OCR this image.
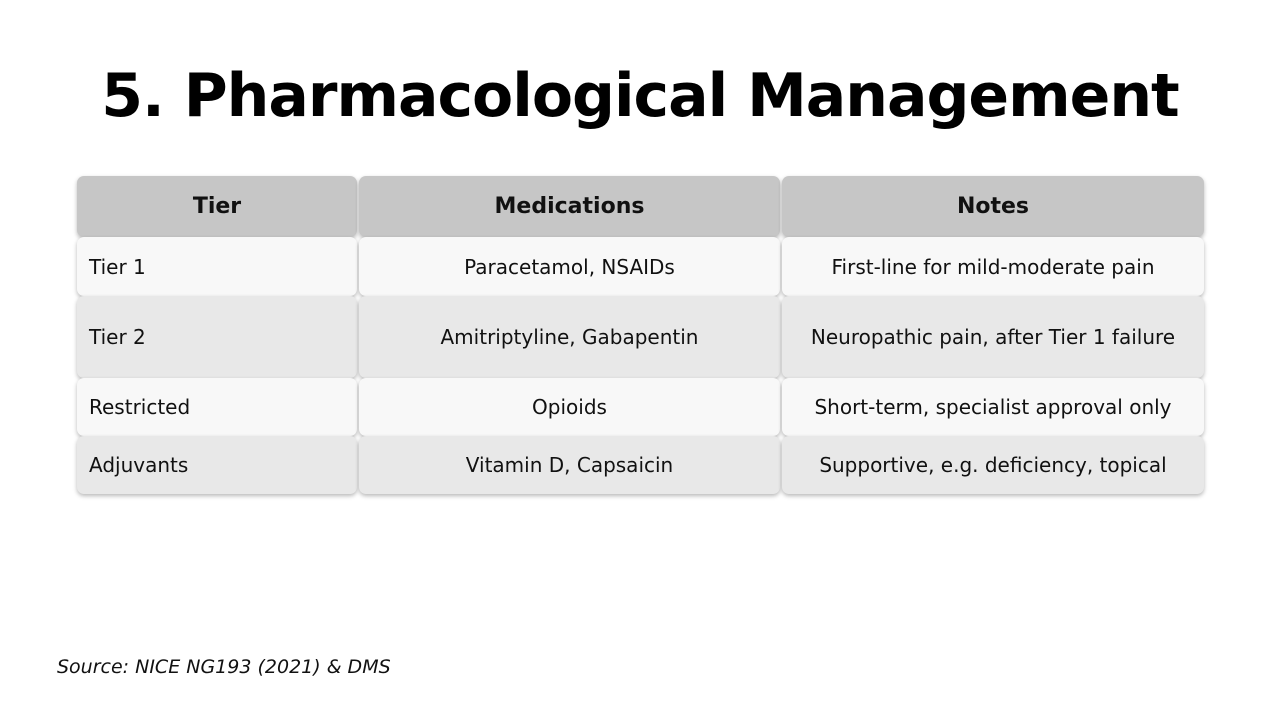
5. Pharmacological Management
Tier	Medications	Notes
Tier 1	Paracetamol, NSAIDs	First-line for mild-moderate pain
Tier 2	Amitriptyline, Gabapentin	Neuropathic pain, after Tier 1 failure
Restricted	Opioids	Short-term, specialist approval only
Adjuvants	Vitamin D, Capsaicin	Supportive, e.g. deficiency, topical
Source: NICE NG193 (2021) & DMS
